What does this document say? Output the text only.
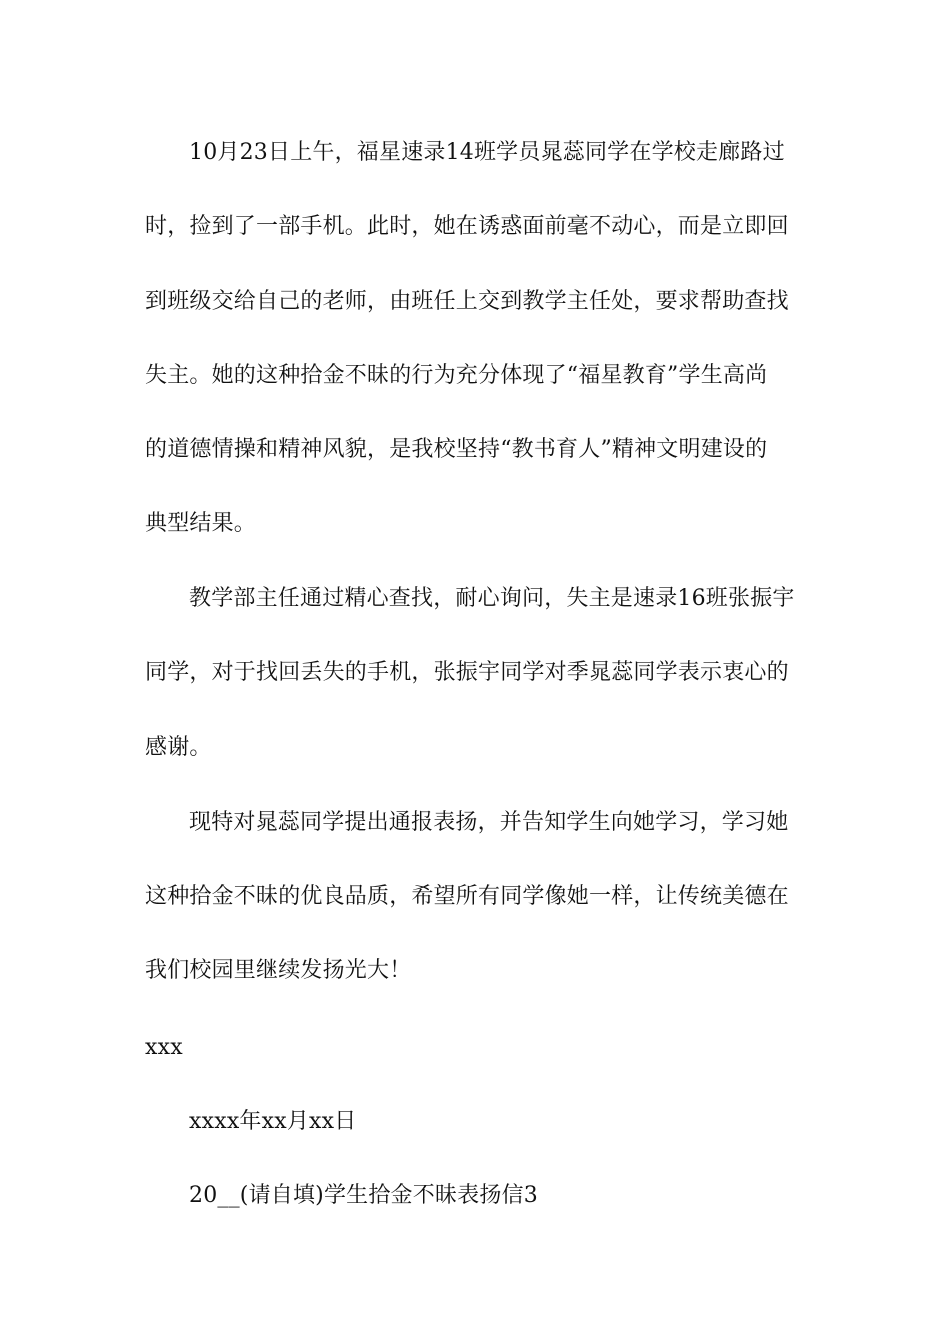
10月23日上午，福星速录14班学员晁蕊同学在学校走廊路过
时，捡到了一部手机。此时，她在诱惑面前毫不动心，而是立即回
到班级交给自己的老师，由班任上交到教学主任处，要求帮助查找
失主。她的这种拾金不昧的行为充分体现了“福星教育”学生高尚
的道德情操和精神风貌，是我校坚持“教书育人”精神文明建设的
典型结果。
教学部主任通过精心查找，耐心询问，失主是速录16班张振宇
同学，对于找回丢失的手机，张振宇同学对季晁蕊同学表示衷心的
感谢。
现特对晁蕊同学提出通报表扬，并告知学生向她学习，学习她
这种拾金不昧的优良品质，希望所有同学像她一样，让传统美德在
我们校园里继续发扬光大！
xxx
xxxx年xx月xx日
20__(请自填)学生拾金不昧表扬信3
